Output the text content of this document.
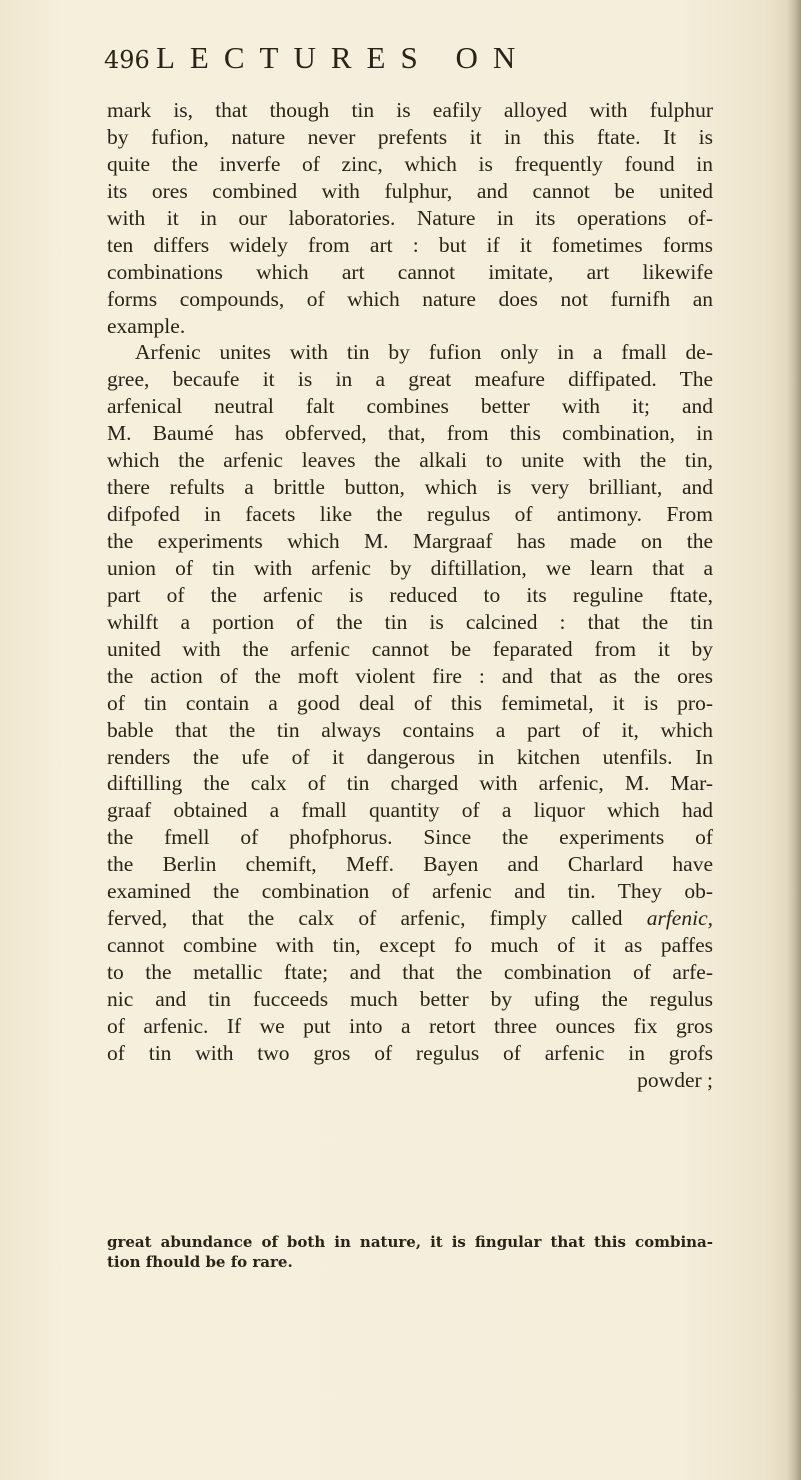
496 LECTURES ON
mark is, that though tin is eafily alloyed with fulphur
by fufion, nature never prefents it in this ftate. It is
quite the inverfe of zinc, which is frequently found in
its ores combined with fulphur, and cannot be united
with it in our laboratories. Nature in its operations of-
ten differs widely from art : but if it fometimes forms
combinations which art cannot imitate, art likewife
forms compounds, of which nature does not furnifh an
example.
Arfenic unites with tin by fufion only in a fmall de-
gree, becaufe it is in a great meafure diffipated. The
arfenical neutral falt combines better with it; and
M. Baumé has obferved, that, from this combination, in
which the arfenic leaves the alkali to unite with the tin,
there refults a brittle button, which is very brilliant, and
difpofed in facets like the regulus of antimony. From
the experiments which M. Margraaf has made on the
union of tin with arfenic by diftillation, we learn that a
part of the arfenic is reduced to its reguline ftate,
whilft a portion of the tin is calcined : that the tin
united with the arfenic cannot be feparated from it by
the action of the moft violent fire : and that as the ores
of tin contain a good deal of this femimetal, it is pro-
bable that the tin always contains a part of it, which
renders the ufe of it dangerous in kitchen utenfils. In
diftilling the calx of tin charged with arfenic, M. Mar-
graaf obtained a fmall quantity of a liquor which had
the fmell of phofphorus. Since the experiments of
the Berlin chemift, Meff. Bayen and Charlard have
examined the combination of arfenic and tin. They ob-
ferved, that the calx of arfenic, fimply called arfenic,
cannot combine with tin, except fo much of it as paffes
to the metallic ftate; and that the combination of arfe-
nic and tin fucceeds much better by ufing the regulus
of arfenic. If we put into a retort three ounces fix gros
of tin with two gros of regulus of arfenic in grofs
powder ;
great abundance of both in nature, it is fingular that this combina-
tion fhould be fo rare.
